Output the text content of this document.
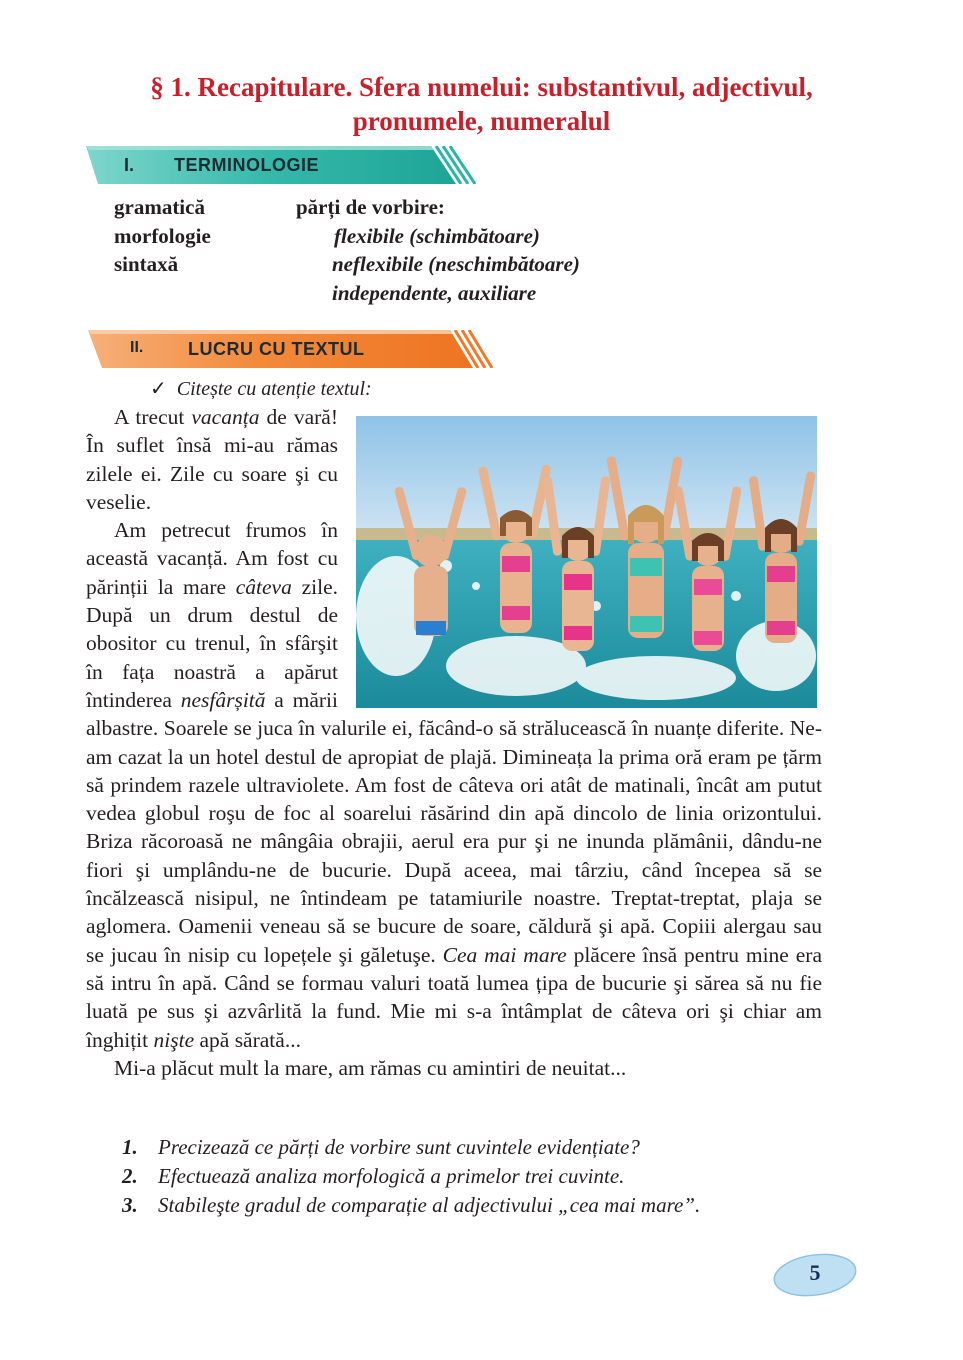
§ 1. Recapitulare. Sfera numelui: substantivul, adjectivul,
pronumele, numeralul
I. TERMINOLOGIE
gramatică
morfologie
sintaxă
părți de vorbire:
flexibile (schimbătoare)
neflexibile (neschimbătoare)
independente, auxiliare
II. LUCRU CU TEXTUL
✓ Citește cu atenție textul:

A trecut vacanța de vară! În suflet însă mi-au rămas zilele ei. Zile cu soare şi cu veselie.

Am petrecut frumos în această vacanță. Am fost cu părinții la mare câteva zile. După un drum destul de obositor cu trenul, în sfârşit în fața noastră a apărut întinderea nesfârșită a mării albastre. Soarele se juca în valurile ei, făcând-o să strălucească în nuanțe diferite. Ne-am cazat la un hotel destul de apropiat de plajă. Dimineața la prima oră eram pe țărm să prindem razele ultraviolete. Am fost de câteva ori atât de matinali, încât am putut vedea globul roşu de foc al soarelui răsărind din apă dincolo de linia orizontului. Briza răcoroasă ne mângâia obrajii, aerul era pur şi ne inunda plămânii, dându-ne fiori şi umplându-ne de bucurie. După aceea, mai târziu, când începea să se încălzească nisipul, ne întindeam pe tatamiurile noastre. Treptat-treptat, plaja se aglomera. Oamenii veneau să se bucure de soare, căldură şi apă. Copiii alergau sau se jucau în nisip cu lopețele şi găletuşe. Cea mai mare plăcere însă pentru mine era să intru în apă. Când se formau valuri toată lumea țipa de bucurie şi sărea să nu fie luată pe sus şi azvârlită la fund. Mie mi s-a întâmplat de câteva ori şi chiar am înghițit nişte apă sărată...

Mi-a plăcut mult la mare, am rămas cu amintiri de neuitat...

1. Precizează ce părți de vorbire sunt cuvintele evidențiate?
2. Efectuează analiza morfologică a primelor trei cuvinte.
3. Stabileşte gradul de comparație al adjectivului „cea mai mare”.
5
